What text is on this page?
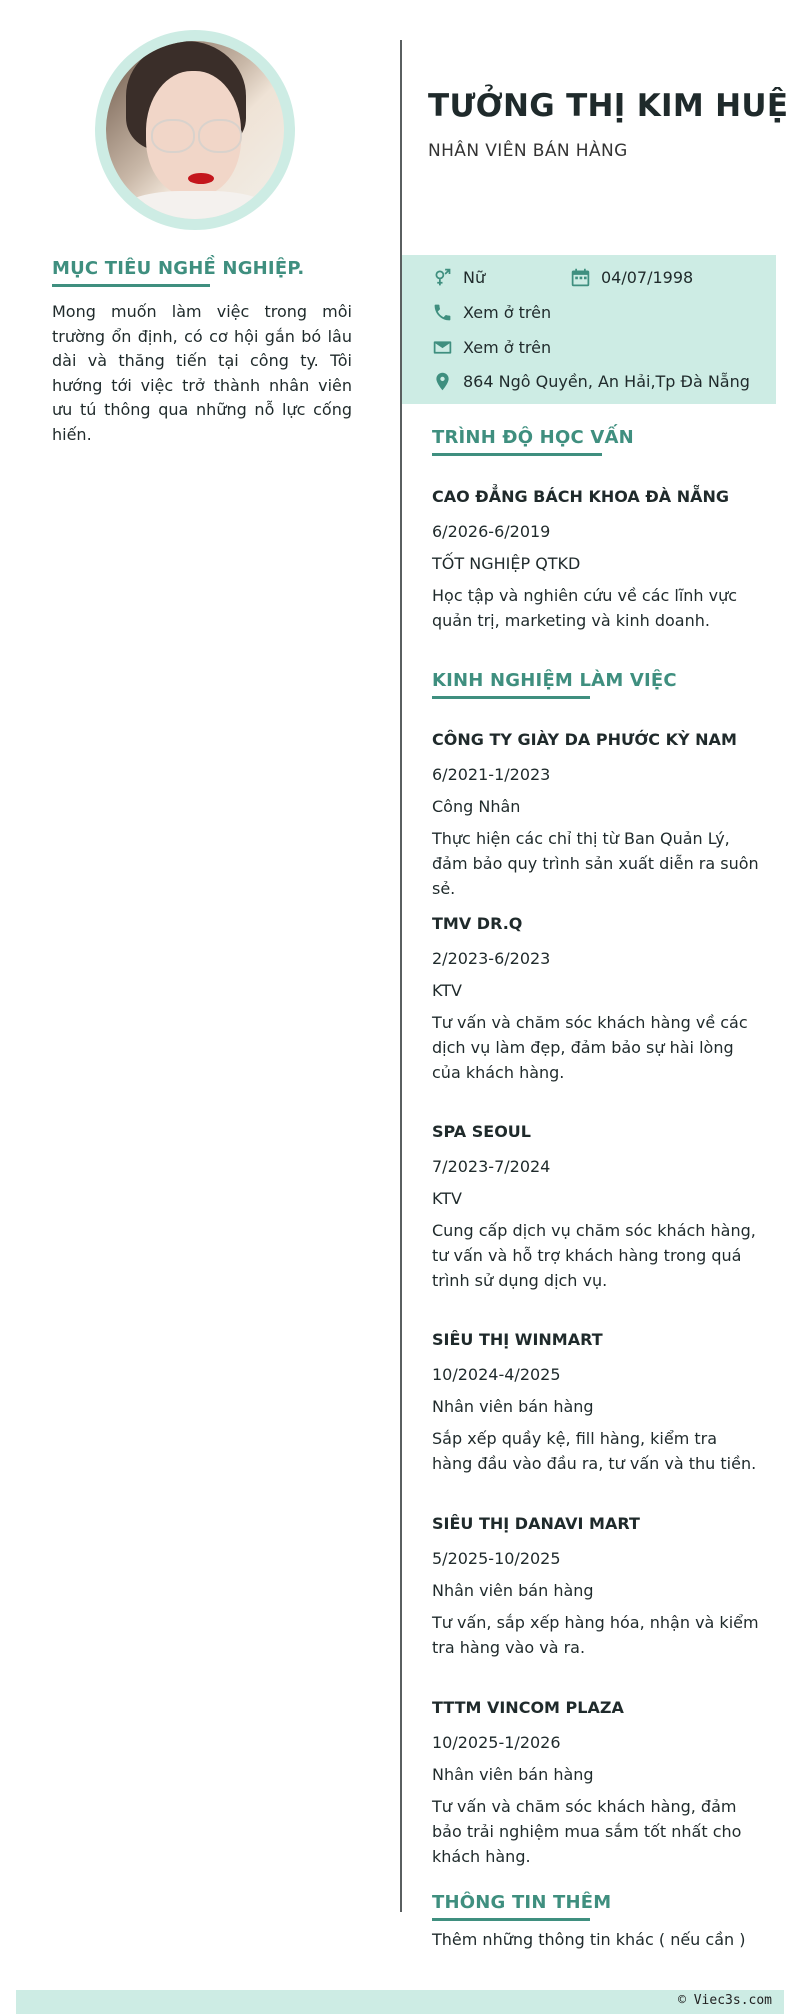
MỤC TIÊU NGHỀ NGHIỆP.
Mong muốn làm việc trong môi trường ổn định, có cơ hội gắn bó lâu dài và thăng tiến tại công ty. Tôi hướng tới việc trở thành nhân viên ưu tú thông qua những nỗ lực cống hiến.
TƯỞNG THỊ KIM HUỆ
NHÂN VIÊN BÁN HÀNG
Nữ	04/07/1998
Xem ở trên
Xem ở trên
864 Ngô Quyền, An Hải,Tp Đà Nẵng
TRÌNH ĐỘ HỌC VẤN
CAO ĐẲNG BÁCH KHOA ĐÀ NẴNG
6/2026-6/2019
TỐT NGHIỆP QTKD
Học tập và nghiên cứu về các lĩnh vực quản trị, marketing và kinh doanh.
KINH NGHIỆM LÀM VIỆC
CÔNG TY GIÀY DA PHƯỚC KỲ NAM
6/2021-1/2023
Công Nhân
Thực hiện các chỉ thị từ Ban Quản Lý, đảm bảo quy trình sản xuất diễn ra suôn sẻ.
TMV DR.Q
2/2023-6/2023
KTV
Tư vấn và chăm sóc khách hàng về các dịch vụ làm đẹp, đảm bảo sự hài lòng của khách hàng.
SPA SEOUL
7/2023-7/2024
KTV
Cung cấp dịch vụ chăm sóc khách hàng, tư vấn và hỗ trợ khách hàng trong quá trình sử dụng dịch vụ.
SIÊU THỊ WINMART
10/2024-4/2025
Nhân viên bán hàng
Sắp xếp quầy kệ, fill hàng, kiểm tra hàng đầu vào đầu ra, tư vấn và thu tiền.
SIÊU THỊ DANAVI MART
5/2025-10/2025
Nhân viên bán hàng
Tư vấn, sắp xếp hàng hóa, nhận và kiểm tra hàng vào và ra.
TTTM VINCOM PLAZA
10/2025-1/2026
Nhân viên bán hàng
Tư vấn và chăm sóc khách hàng, đảm bảo trải nghiệm mua sắm tốt nhất cho khách hàng.
THÔNG TIN THÊM
Thêm những thông tin khác ( nếu cần )
© Viec3s.com
